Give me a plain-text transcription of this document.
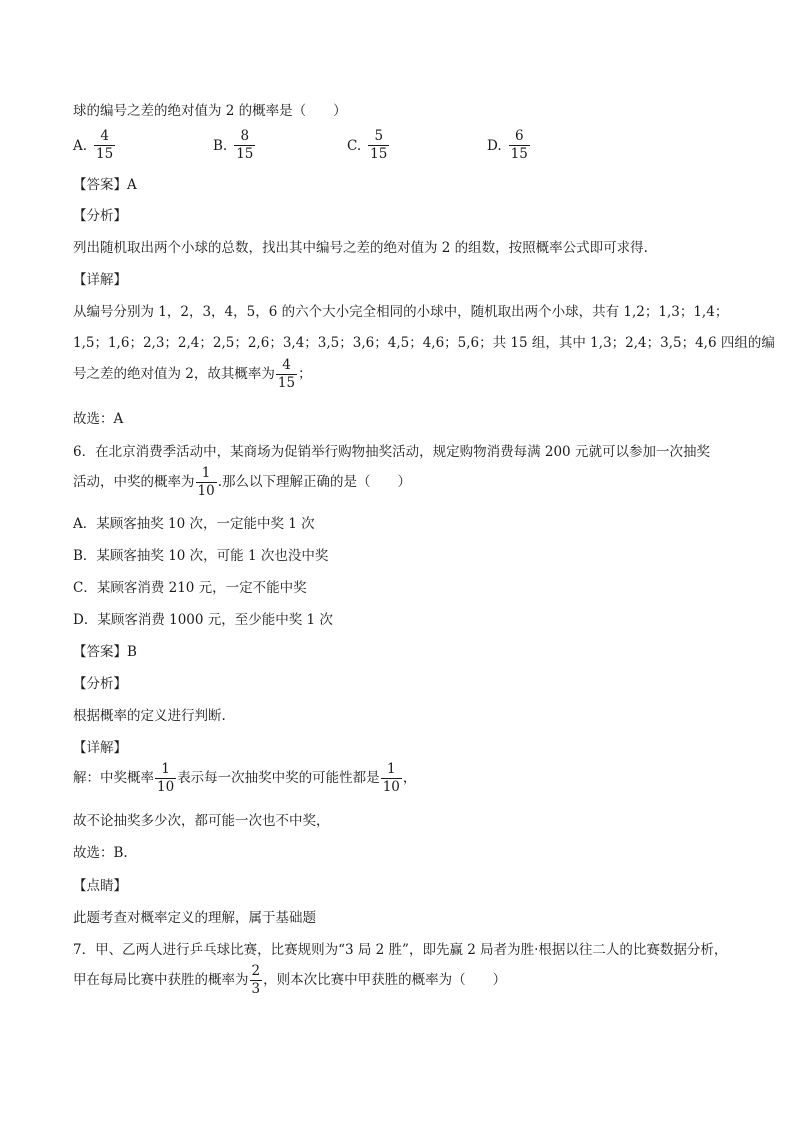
球的编号之差的绝对值为 2 的概率是（　　）
A. $\frac{4}{15}$	B. $\frac{8}{15}$	C. $\frac{5}{15}$	D. $\frac{6}{15}$
【答案】A
【分析】
列出随机取出两个小球的总数，找出其中编号之差的绝对值为 2 的组数，按照概率公式即可求得.
【详解】
从编号分别为 1，2，3，4，5，6 的六个大小完全相同的小球中，随机取出两个小球，共有 1,2；1,3；1,4；
1,5；1,6；2,3；2,4；2,5；2,6；3,4；3,5；3,6；4,5；4,6；5,6；共 15 组，其中 1,3；2,4；3,5；4,6 四组的编
号之差的绝对值为 2，故其概率为 $\frac{4}{15}$ ；
故选：A
6．在北京消费季活动中，某商场为促销举行购物抽奖活动，规定购物消费每满 200 元就可以参加一次抽奖
活动，中奖的概率为 $\frac{1}{10}$ .那么以下理解正确的是（　　）
A．某顾客抽奖 10 次，一定能中奖 1 次
B．某顾客抽奖 10 次，可能 1 次也没中奖
C．某顾客消费 210 元，一定不能中奖
D．某顾客消费 1000 元，至少能中奖 1 次
【答案】B
【分析】
根据概率的定义进行判断.
【详解】
解：中奖概率 $\frac{1}{10}$ 表示每一次抽奖中奖的可能性都是 $\frac{1}{10}$ ，
故不论抽奖多少次，都可能一次也不中奖，
故选：B.
【点睛】
此题考查对概率定义的理解，属于基础题
7．甲、乙两人进行乒乓球比赛，比赛规则为“3 局 2 胜”，即先赢 2 局者为胜·根据以往二人的比赛数据分析，
甲在每局比赛中获胜的概率为 $\frac{2}{3}$ ，则本次比赛中甲获胜的概率为（　　）
